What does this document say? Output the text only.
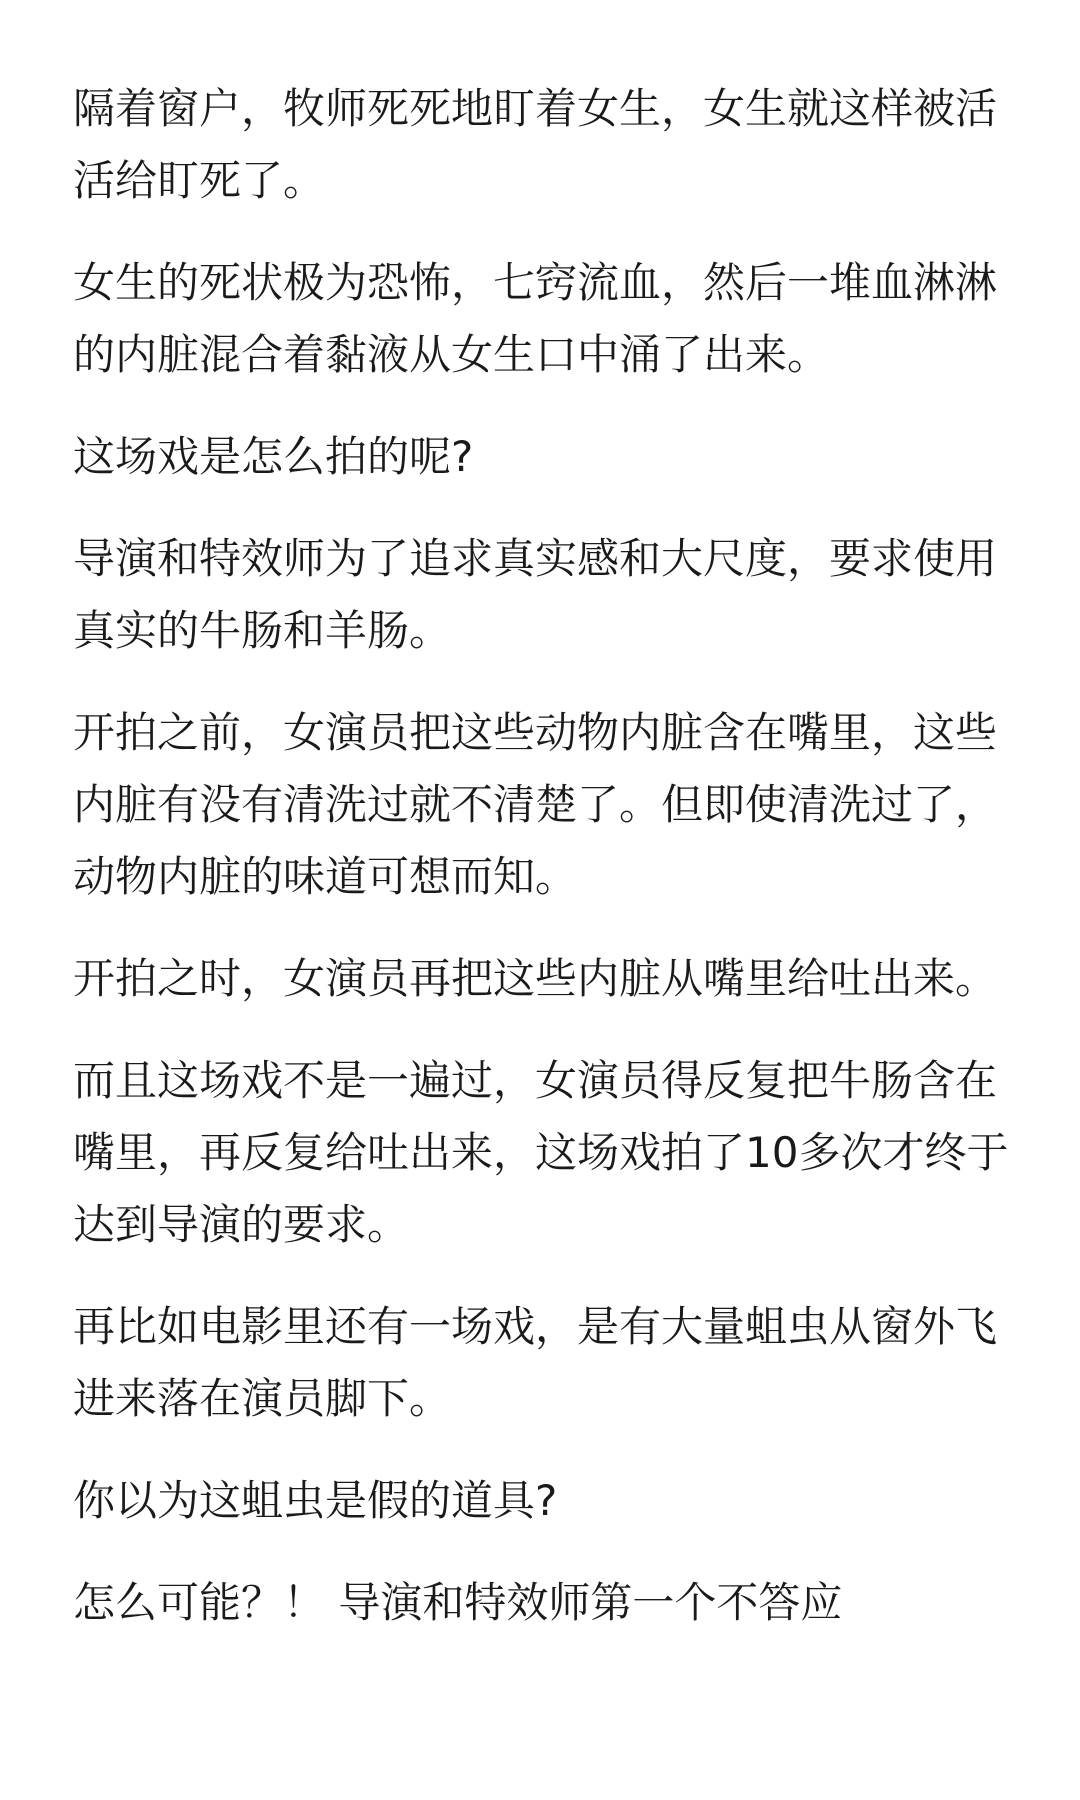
隔着窗户，牧师死死地盯着女生，女生就这样被活
活给盯死了。

女生的死状极为恐怖，七窍流血，然后一堆血淋淋
的内脏混合着黏液从女生口中涌了出来。

这场戏是怎么拍的呢?

导演和特效师为了追求真实感和大尺度，要求使用
真实的牛肠和羊肠。

开拍之前，女演员把这些动物内脏含在嘴里，这些
内脏有没有清洗过就不清楚了。但即使清洗过了，
动物内脏的味道可想而知。

开拍之时，女演员再把这些内脏从嘴里给吐出来。

而且这场戏不是一遍过，女演员得反复把牛肠含在
嘴里，再反复给吐出来，这场戏拍了10多次才终于
达到导演的要求。

再比如电影里还有一场戏，是有大量蛆虫从窗外飞
进来落在演员脚下。

你以为这蛆虫是假的道具?

怎么可能？！ 导演和特效师第一个不答应
